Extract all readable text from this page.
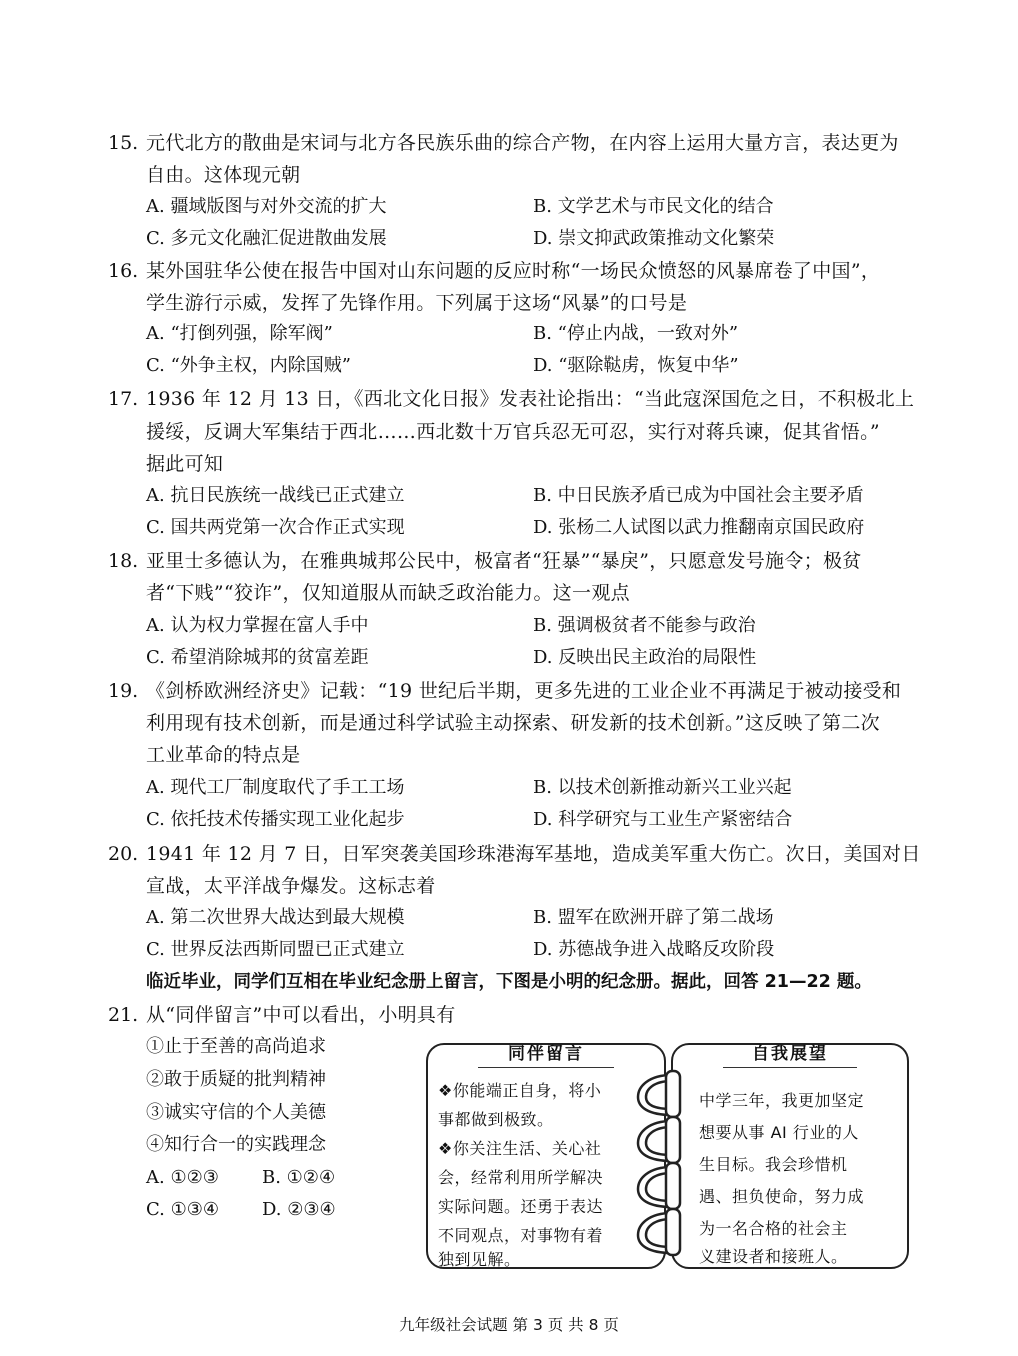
15. 元代北方的散曲是宋词与北方各民族乐曲的综合产物，在内容上运用大量方言，表达更为
自由。这体现元朝
A. 疆域版图与对外交流的扩大	B. 文学艺术与市民文化的结合
C. 多元文化融汇促进散曲发展	D. 崇文抑武政策推动文化繁荣
16. 某外国驻华公使在报告中国对山东问题的反应时称“一场民众愤怒的风暴席卷了中国”，
学生游行示威，发挥了先锋作用。下列属于这场“风暴”的口号是
A. “打倒列强，除军阀”	B. “停止内战，一致对外”
C. “外争主权，内除国贼”	D. “驱除鞑虏，恢复中华”
17. 1936 年 12 月 13 日，《西北文化日报》发表社论指出：“当此寇深国危之日，不积极北上
援绥，反调大军集结于西北……西北数十万官兵忍无可忍，实行对蒋兵谏，促其省悟。”
据此可知
A. 抗日民族统一战线已正式建立	B. 中日民族矛盾已成为中国社会主要矛盾
C. 国共两党第一次合作正式实现	D. 张杨二人试图以武力推翻南京国民政府
18. 亚里士多德认为，在雅典城邦公民中，极富者“狂暴”“暴戾”，只愿意发号施令；极贫
者“下贱”“狡诈”，仅知道服从而缺乏政治能力。这一观点
A. 认为权力掌握在富人手中	B. 强调极贫者不能参与政治
C. 希望消除城邦的贫富差距	D. 反映出民主政治的局限性
19. 《剑桥欧洲经济史》记载：“19 世纪后半期，更多先进的工业企业不再满足于被动接受和
利用现有技术创新，而是通过科学试验主动探索、研发新的技术创新。”这反映了第二次
工业革命的特点是
A. 现代工厂制度取代了手工工场	B. 以技术创新推动新兴工业兴起
C. 依托技术传播实现工业化起步	D. 科学研究与工业生产紧密结合
20. 1941 年 12 月 7 日，日军突袭美国珍珠港海军基地，造成美军重大伤亡。次日，美国对日
宣战，太平洋战争爆发。这标志着
A. 第二次世界大战达到最大规模	B. 盟军在欧洲开辟了第二战场
C. 世界反法西斯同盟已正式建立	D. 苏德战争进入战略反攻阶段
临近毕业，同学们互相在毕业纪念册上留言，下图是小明的纪念册。据此，回答 21—22 题。
21. 从“同伴留言”中可以看出，小明具有
①止于至善的高尚追求
②敢于质疑的批判精神
③诚实守信的个人美德
④知行合一的实践理念
A. ①②③ B. ①②④
C. ①③④ D. ②③④
同伴留言
❖你能端正自身，将小
事都做到极致。
❖你关注生活、关心社
会，经常利用所学解决
实际问题。还勇于表达
不同观点，对事物有着
独到见解。
自我展望
中学三年，我更加坚定
想要从事 AI 行业的人
生目标。我会珍惜机
遇、担负使命，努力成
为一名合格的社会主
义建设者和接班人。
九年级社会试题 第 3 页 共 8 页
